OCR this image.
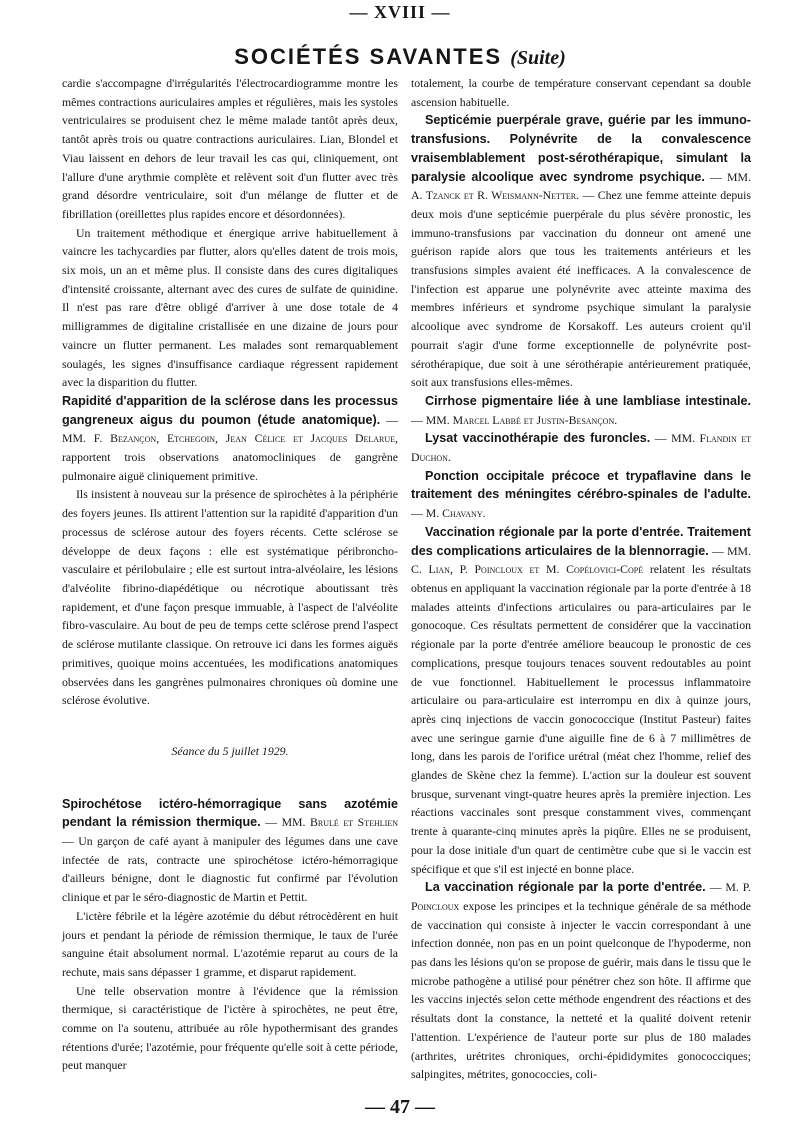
— XVIII —
SOCIÉTÉS SAVANTES (Suite)

cardie s'accompagne d'irrégularités l'électrocardiogramme montre les mêmes contractions auriculaires amples et régulières, mais les systoles ventriculaires se produisent chez le même malade tantôt après deux, tantôt après trois ou quatre contractions auriculaires. Lian, Blondel et Viau laissent en dehors de leur travail les cas qui, cliniquement, ont l'allure d'une arythmie complète et relèvent soit d'un flutter avec très grand désordre ventriculaire, soit d'un mélange de flutter et de fibrillation (oreillettes plus rapides encore et désordonnées).

Un traitement méthodique et énergique arrive habituellement à vaincre les tachycardies par flutter, alors qu'elles datent de trois mois, six mois, un an et même plus. Il consiste dans des cures digitaliques d'intensité croissante, alternant avec des cures de sulfate de quinidine. Il n'est pas rare d'être obligé d'arriver à une dose totale de 4 milligrammes de digitaline cristallisée en une dizaine de jours pour vaincre un flutter permanent. Les malades sont remarquablement soulagés, les signes d'insuffisance cardiaque régressent rapidement avec la disparition du flutter.

Rapidité d'apparition de la sclérose dans les processus gangreneux aigus du poumon (étude anatomique). — MM. F. Bezançon, Etchegoin, Jean Célice et Jacques Delarue, rapportent trois observations anatomocliniques de gangrène pulmonaire aiguë cliniquement primitive.

Ils insistent à nouveau sur la présence de spirochètes à la périphérie des foyers jeunes. Ils attirent l'attention sur la rapidité d'apparition d'un processus de sclérose autour des foyers récents. Cette sclérose se développe de deux façons : elle est systématique péribroncho-vasculaire et périlobulaire ; elle est surtout intra-alvéolaire, les lésions d'alvéolite fibrino-diapédétique ou nécrotique aboutissant très rapidement, et d'une façon presque immuable, à l'aspect de l'alvéolite fibro-vasculaire. Au bout de peu de temps cette sclérose prend l'aspect de sclérose mutilante classique. On retrouve ici dans les formes aiguës primitives, quoique moins accentuées, les modifications anatomiques observées dans les gangrènes pulmonaires chroniques où domine une sclérose évolutive.

Séance du 5 juillet 1929.

Spirochétose ictéro-hémorragique sans azotémie pendant la rémission thermique. — MM. Brulé et Stehlien — Un garçon de café ayant à manipuler des légumes dans une cave infectée de rats, contracte une spirochétose ictéro-hémorragique d'ailleurs bénigne, dont le diagnostic fut confirmé par l'évolution clinique et par le séro-diagnostic de Martin et Pettit.

L'ictère fébrile et la légère azotémie du début rétrocèdèrent en huit jours et pendant la période de rémission thermique, le taux de l'urée sanguine était absolument normal. L'azotémie reparut au cours de la rechute, mais sans dépasser 1 gramme, et disparut rapidement.

Une telle observation montre à l'évidence que la rémission thermique, si caractéristique de l'ictère à spirochètes, ne peut être, comme on l'a soutenu, attribuée au rôle hypothermisant des grandes rétentions d'urée; l'azotémie, pour fréquente qu'elle soit à cette période, peut manquer

totalement, la courbe de température conservant cependant sa double ascension habituelle.

Septicémie puerpérale grave, guérie par les immuno-transfusions. Polynévrite de la convalescence vraisemblablement post-sérothérapique, simulant la paralysie alcoolique avec syndrome psychique. — MM. A. Tzanck et R. Weismann-Netter. — Chez une femme atteinte depuis deux mois d'une septicémie puerpérale du plus sévère pronostic, les immuno-transfusions par vaccination du donneur ont amené une guérison rapide alors que tous les traitements antérieurs et les transfusions simples avaient été inefficaces. A la convalescence de l'infection est apparue une polynévrite avec atteinte maxima des membres inférieurs et syndrome psychique simulant la paralysie alcoolique avec syndrome de Korsakoff. Les auteurs croient qu'il pourrait s'agir d'une forme exceptionnelle de polynévrite post-sérothérapique, due soit à une sérothérapie antérieurement pratiquée, soit aux transfusions elles-mêmes.

Cirrhose pigmentaire liée à une lambliase intestinale. — MM. Marcel Labbé et Justin-Besançon.

Lysat vaccinothérapie des furoncles. — MM. Flandin et Duchon.

Ponction occipitale précoce et trypaflavine dans le traitement des méningites cérébro-spinales de l'adulte. — M. Chavany.

Vaccination régionale par la porte d'entrée. Traitement des complications articulaires de la blennorragie. — MM. C. Lian, P. Poincloux et M. Copélovici-Copé relatent les résultats obtenus en appliquant la vaccination régionale par la porte d'entrée à 18 malades atteints d'infections articulaires ou para-articulaires par le gonocoque. Ces résultats permettent de considérer que la vaccination régionale par la porte d'entrée améliore beaucoup le pronostic de ces complications, presque toujours tenaces souvent redoutables au point de vue fonctionnel. Habituellement le processus inflammatoire articulaire ou para-articulaire est interrompu en dix à quinze jours, après cinq injections de vaccin gonococcique (Institut Pasteur) faites avec une seringue garnie d'une aiguille fine de 6 à 7 millimètres de long, dans les parois de l'orifice urétral (méat chez l'homme, relief des glandes de Skène chez la femme). L'action sur la douleur est souvent brusque, survenant vingt-quatre heures après la première injection. Les réactions vaccinales sont presque constamment vives, commençant trente à quarante-cinq minutes après la piqûre. Elles ne se produisent, pour la dose initiale d'un quart de centimètre cube que si le vaccin est spécifique et que s'il est injecté en bonne place.

La vaccination régionale par la porte d'entrée. — M. P. Poincloux expose les principes et la technique générale de sa méthode de vaccination qui consiste à injecter le vaccin correspondant à une infection donnée, non pas en un point quelconque de l'hypoderme, non pas dans les lésions qu'on se propose de guérir, mais dans le tissu que le microbe pathogène a utilisé pour pénétrer chez son hôte. Il affirme que les vaccins injectés selon cette méthode engendrent des réactions et des résultats dont la constance, la netteté et la qualité doivent retenir l'attention. L'expérience de l'auteur porte sur plus de 180 malades (arthrites, urétrites chroniques, orchi-épididymites gonococciques; salpingites, métrites, gonococcies, coli-

— 47 —
